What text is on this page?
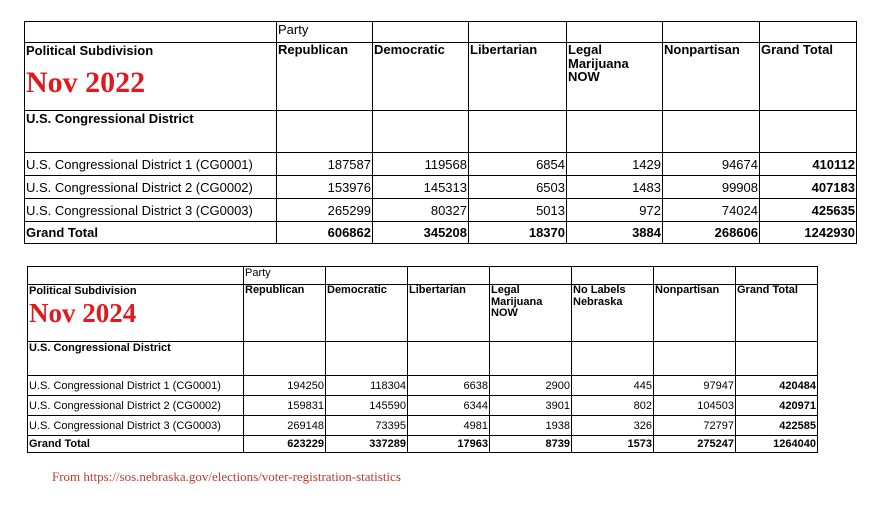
	Party					

Political Subdivision
Nov 2022	Republican	Democratic	Libertarian	Legal Marijuana NOW	Nonpartisan	Grand Total
U.S. Congressional District						
U.S. Congressional District 1 (CG0001)	187587	119568	6854	1429	94674	410112
U.S. Congressional District 2 (CG0002)	153976	145313	6503	1483	99908	407183
U.S. Congressional District 3 (CG0003)	265299	80327	5013	972	74024	425635
Grand Total	606862	345208	18370	3884	268606	1242930
	Party						

Political Subdivision
Nov 2024	Republican	Democratic	Libertarian	Legal Marijuana NOW	No Labels Nebraska	Nonpartisan	Grand Total
U.S. Congressional District							
U.S. Congressional District 1 (CG0001)	194250	118304	6638	2900	445	97947	420484
U.S. Congressional District 2 (CG0002)	159831	145590	6344	3901	802	104503	420971
U.S. Congressional District 3 (CG0003)	269148	73395	4981	1938	326	72797	422585
Grand Total	623229	337289	17963	8739	1573	275247	1264040
From https://sos.nebraska.gov/elections/voter-registration-statistics
